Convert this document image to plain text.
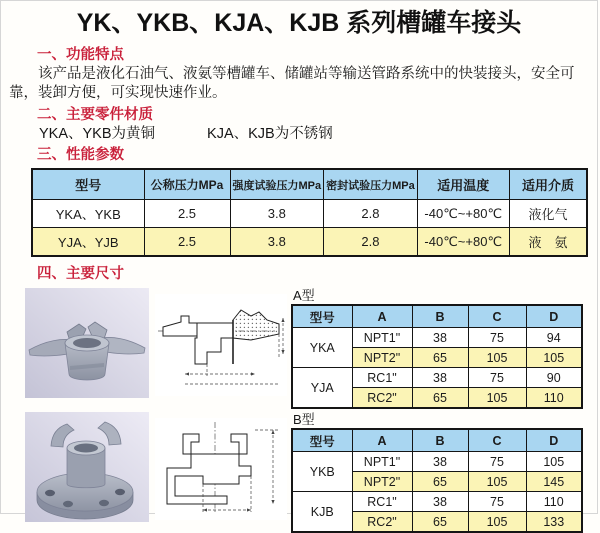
YK、YKB、KJA、KJB 系列槽罐车接头
一、功能特点
该产品是液化石油气、液氨等槽罐车、储罐站等输送管路系统中的快装接头，安全可靠，装卸方便，可实现快速作业。
二、主要零件材质
YKA、YKB为黄铜	KJA、KJB为不锈钢
三、性能参数
型号	公称压力MPa	强度试验压力MPa	密封试验压力MPa	适用温度	适用介质
YKA、YKB	2.5	3.8	2.8	-40℃~+80℃	液化气
YJA、YJB	2.5	3.8	2.8	-40℃~+80℃	液　氨
四、主要尺寸
A型
型号	A	B	C	D
YKA	NPT1"	38	75	94
	NPT2"	65	105	105
YJA	RC1"	38	75	90
	RC2"	65	105	110
B型
型号	A	B	C	D
YKB	NPT1"	38	75	105
	NPT2"	65	105	145
KJB	RC1"	38	75	110
	RC2"	65	105	133
